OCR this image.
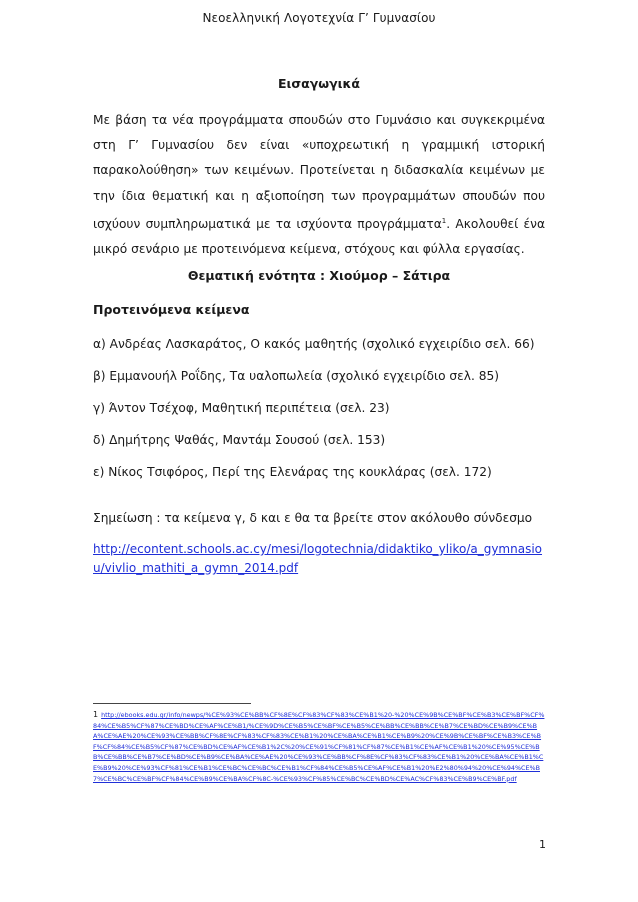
Νεοελληνική Λογοτεχνία Γ’ Γυμνασίου
Εισαγωγικά

Με βάση τα νέα προγράμματα σπουδών στο Γυμνάσιο και συγκεκριμένα στη Γ’ Γυμνασίου δεν είναι «υποχρεωτική η γραμμική ιστορική παρακολούθηση» των κειμένων. Προτείνεται η διδασκαλία κειμένων με την ίδια θεματική και η αξιοποίηση των προγραμμάτων σπουδών που ισχύουν συμπληρωματικά με τα ισχύοντα προγράμματα$^1$. Ακολουθεί ένα μικρό σενάριο με προτεινόμενα κείμενα, στόχους και φύλλα εργασίας.

Θεματική ενότητα : Χιούμορ – Σάτιρα
Προτεινόμενα κείμενα
α) Ανδρέας Λασκαράτος, Ο κακός μαθητής (σχολικό εγχειρίδιο σελ. 66)
β) Εμμανουήλ Ροΐδης, Τα υαλοπωλεία (σχολικό εγχειρίδιο σελ. 85)
γ) Άντον Τσέχοφ, Μαθητική περιπέτεια (σελ. 23)
δ) Δημήτρης Ψαθάς, Μαντάμ Σουσού (σελ. 153)
ε) Νίκος Τσιφόρος, Περί της Ελενάρας της κουκλάρας (σελ. 172)
Σημείωση : τα κείμενα γ, δ και ε θα τα βρείτε στον ακόλουθο σύνδεσμο

http://econtent.schools.ac.cy/mesi/logotechnia/didaktiko_yliko/a_gymnasiou/vivlio_mathiti_a_gymn_2014.pdf

1 http://ebooks.edu.gr/info/newps/%CE%93%CE%BB%CF%8E%CF%83%CF%83%CE%B1%20-%20%CE%9B%CE%BF%CE%B3%CE%BF%CF%84%CE%B5%CF%87%CE%BD%CE%AF%CE%B1/%CE%9D%CE%B5%CE%BF%CE%B5%CE%BB%CE%BB%CE%B7%CE%BD%CE%B9%CE%BA%CE%AE%20%CE%93%CE%BB%CF%8E%CF%83%CF%83%CE%B1%20%CE%BA%CE%B1%CE%B9%20%CE%9B%CE%BF%CE%B3%CE%BF%CF%84%CE%B5%CF%87%CE%BD%CE%AF%CE%B1%2C%20%CE%91%CF%81%CF%87%CE%B1%CE%AF%CE%B1%20%CE%95%CE%BB%CE%BB%CE%B7%CE%BD%CE%B9%CE%BA%CE%AE%20%CE%93%CE%BB%CF%8E%CF%83%CF%83%CE%B1%20%CE%BA%CE%B1%CE%B9%20%CE%93%CF%81%CE%B1%CE%BC%CE%BC%CE%B1%CF%84%CE%B5%CE%AF%CE%B1%20%E2%80%94%20%CE%94%CE%B7%CE%BC%CE%BF%CF%84%CE%B9%CE%BA%CF%8C-%CE%93%CF%85%CE%BC%CE%BD%CE%AC%CF%83%CE%B9%CE%BF.pdf

1
